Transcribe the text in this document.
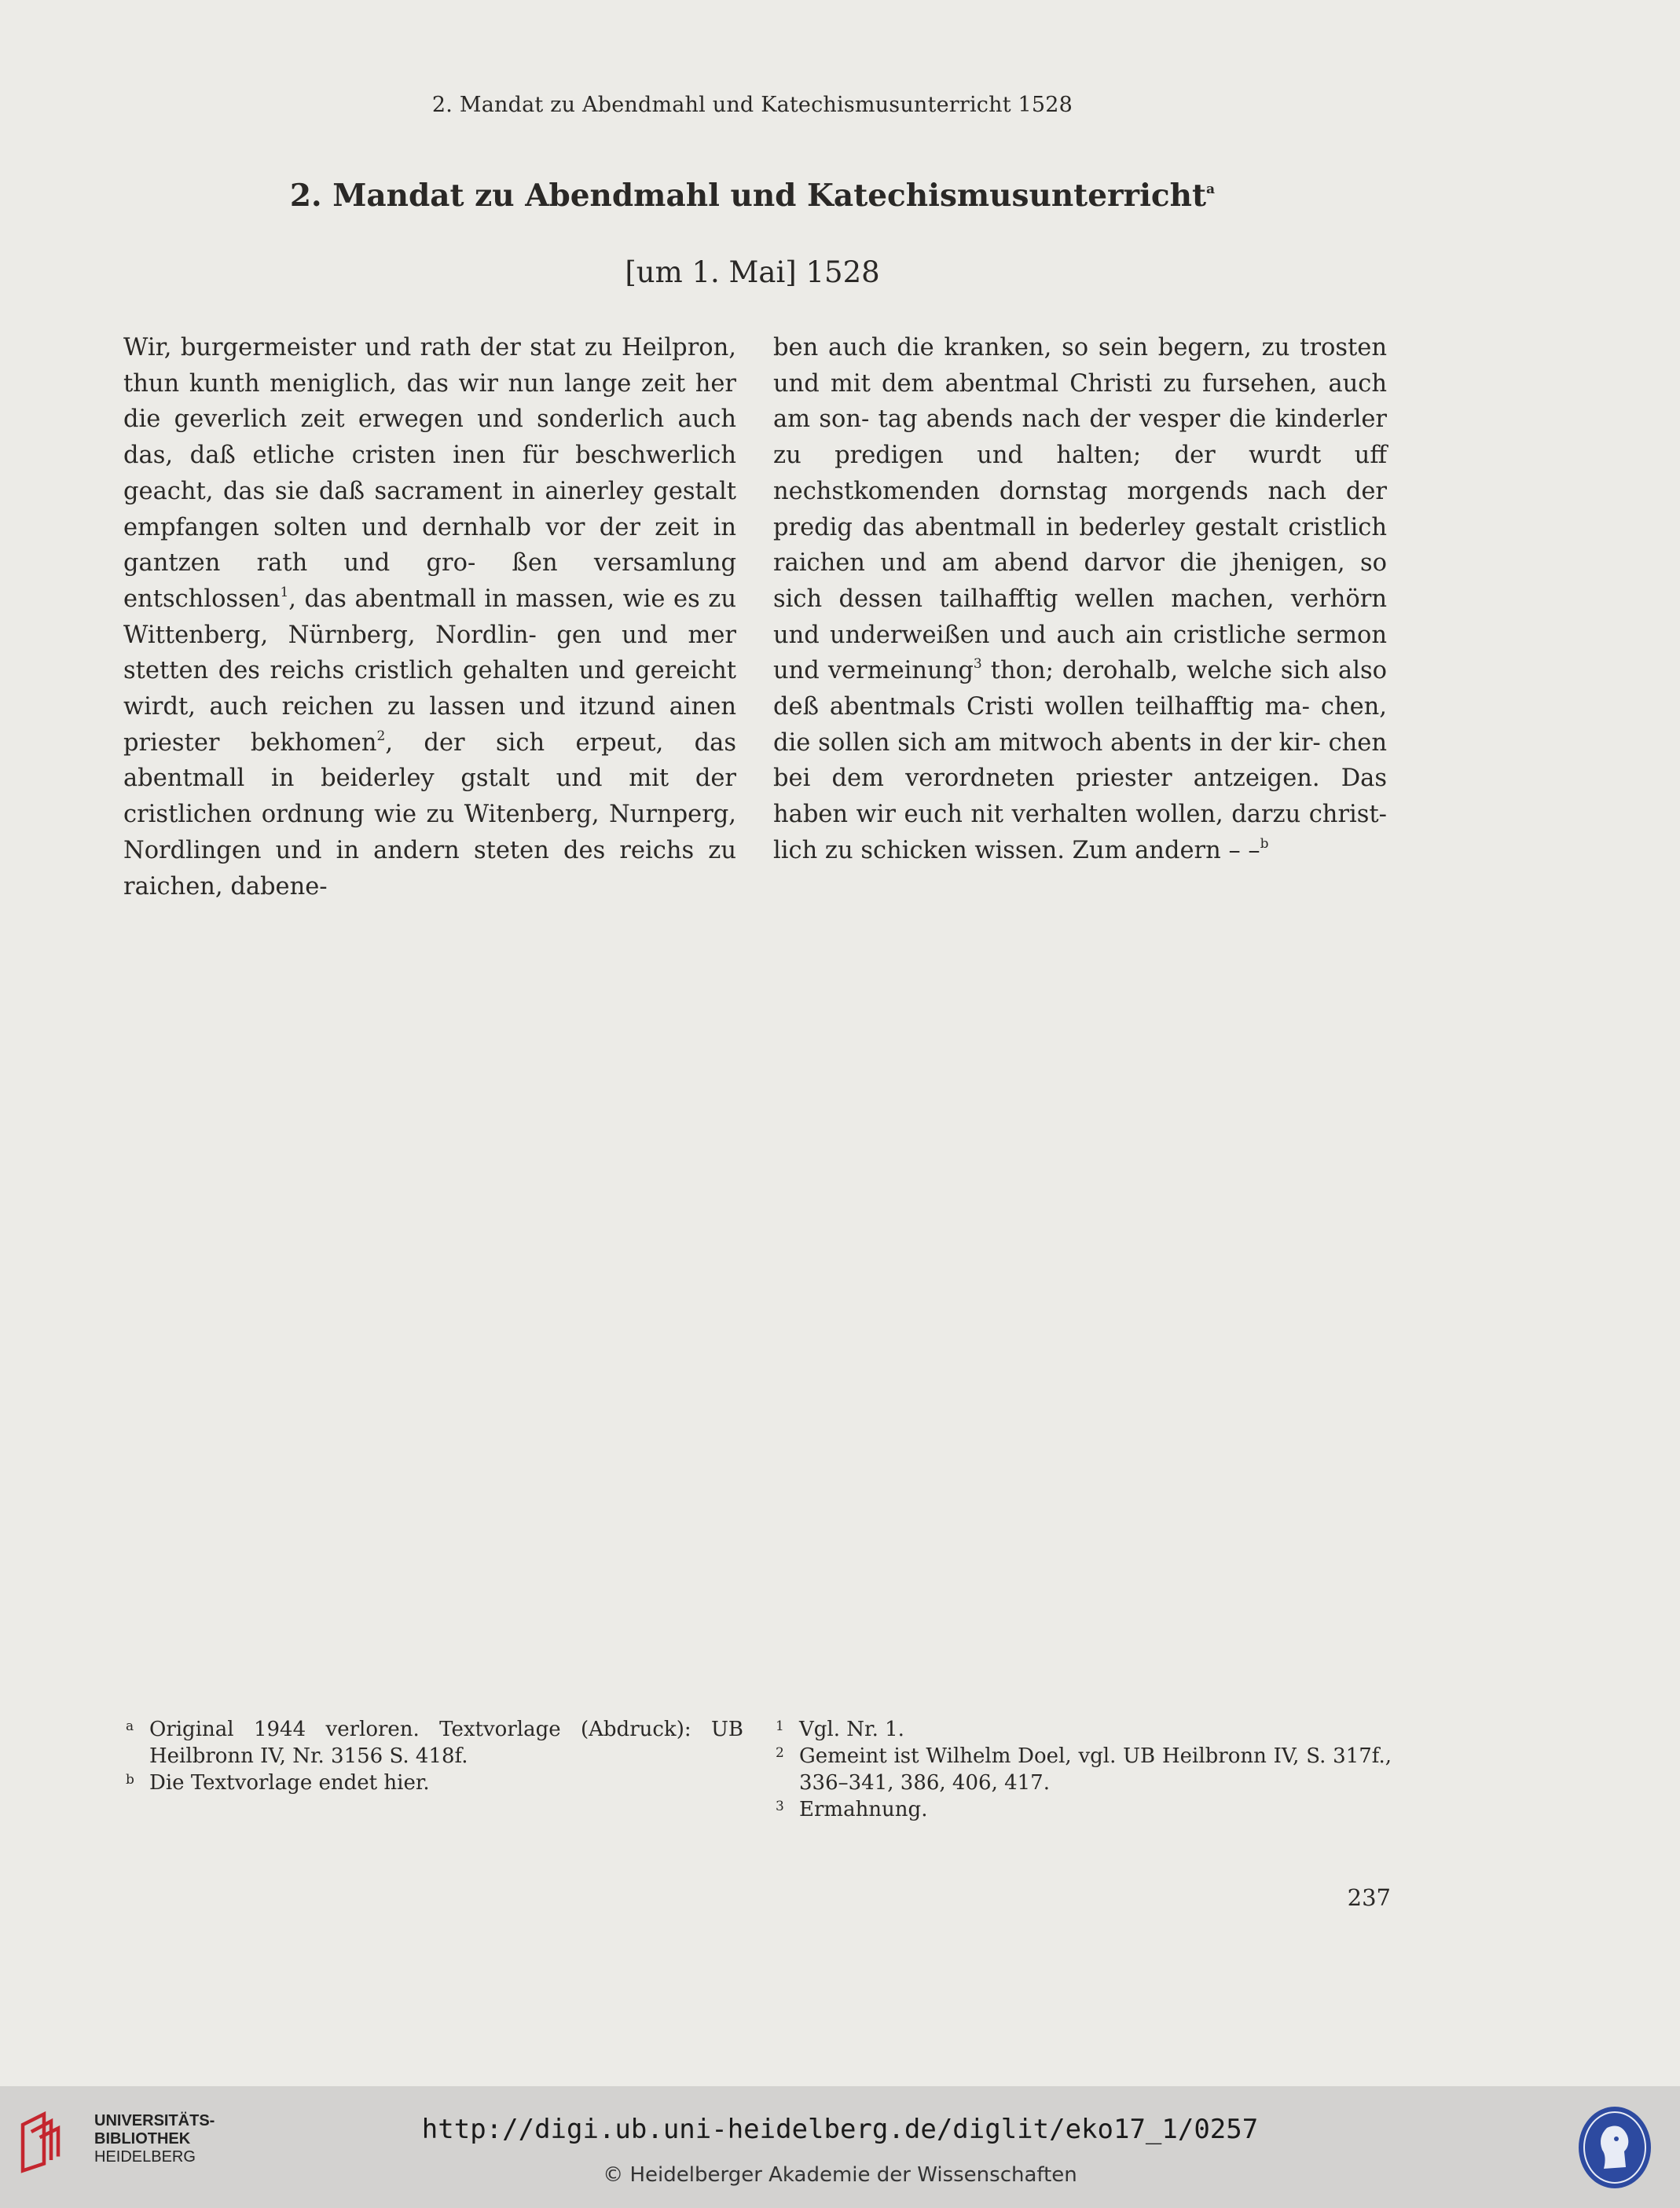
2. Mandat zu Abendmahl und Katechismusunterricht 1528
2. Mandat zu Abendmahl und Katechismusunterricht$^a$
[um 1. Mai] 1528

Wir, burgermeister und rath der stat zu Heilpron, thun kunth meniglich, das wir nun lange zeit her die geverlich zeit erwegen und sonderlich auch das, daß etliche cristen inen für beschwerlich geacht, das sie daß sacrament in ainerley gestalt empfangen solten und dernhalb vor der zeit in gantzen rath und gro- ßen versamlung entschlossen$^1$, das abentmall in massen, wie es zu Wittenberg, Nürnberg, Nordlin- gen und mer stetten des reichs cristlich gehalten und gereicht wirdt, auch reichen zu lassen und itzund ainen priester bekhomen$^2$, der sich erpeut, das abentmall in beiderley gstalt und mit der cristlichen ordnung wie zu Witenberg, Nurnperg, Nordlingen und in andern steten des reichs zu raichen, dabene-

ben auch die kranken, so sein begern, zu trosten und mit dem abentmal Christi zu fursehen, auch am son- tag abends nach der vesper die kinderler zu predigen und halten; der wurdt uff nechstkomenden dornstag morgends nach der predig das abentmall in bederley gestalt cristlich raichen und am abend darvor die jhenigen, so sich dessen tailhafftig wellen machen, verhörn und underweißen und auch ain cristliche sermon und vermeinung$^3$ thon; derohalb, welche sich also deß abentmals Cristi wollen teilhafftig ma- chen, die sollen sich am mitwoch abents in der kir- chen bei dem verordneten priester antzeigen. Das haben wir euch nit verhalten wollen, darzu christ- lich zu schicken wissen. Zum andern – –$^b$

a Original 1944 verloren. Textvorlage (Abdruck): UB Heilbronn IV, Nr. 3156 S. 418f.
b Die Textvorlage endet hier.
1 Vgl. Nr. 1.
2 Gemeint ist Wilhelm Doel, vgl. UB Heilbronn IV, S. 317f., 336–341, 386, 406, 417.
3 Ermahnung.
237
UNIVERSITÄTS-
BIBLIOTHEK
HEIDELBERG
http://digi.ub.uni-heidelberg.de/diglit/eko17_1/0257
© Heidelberger Akademie der Wissenschaften
